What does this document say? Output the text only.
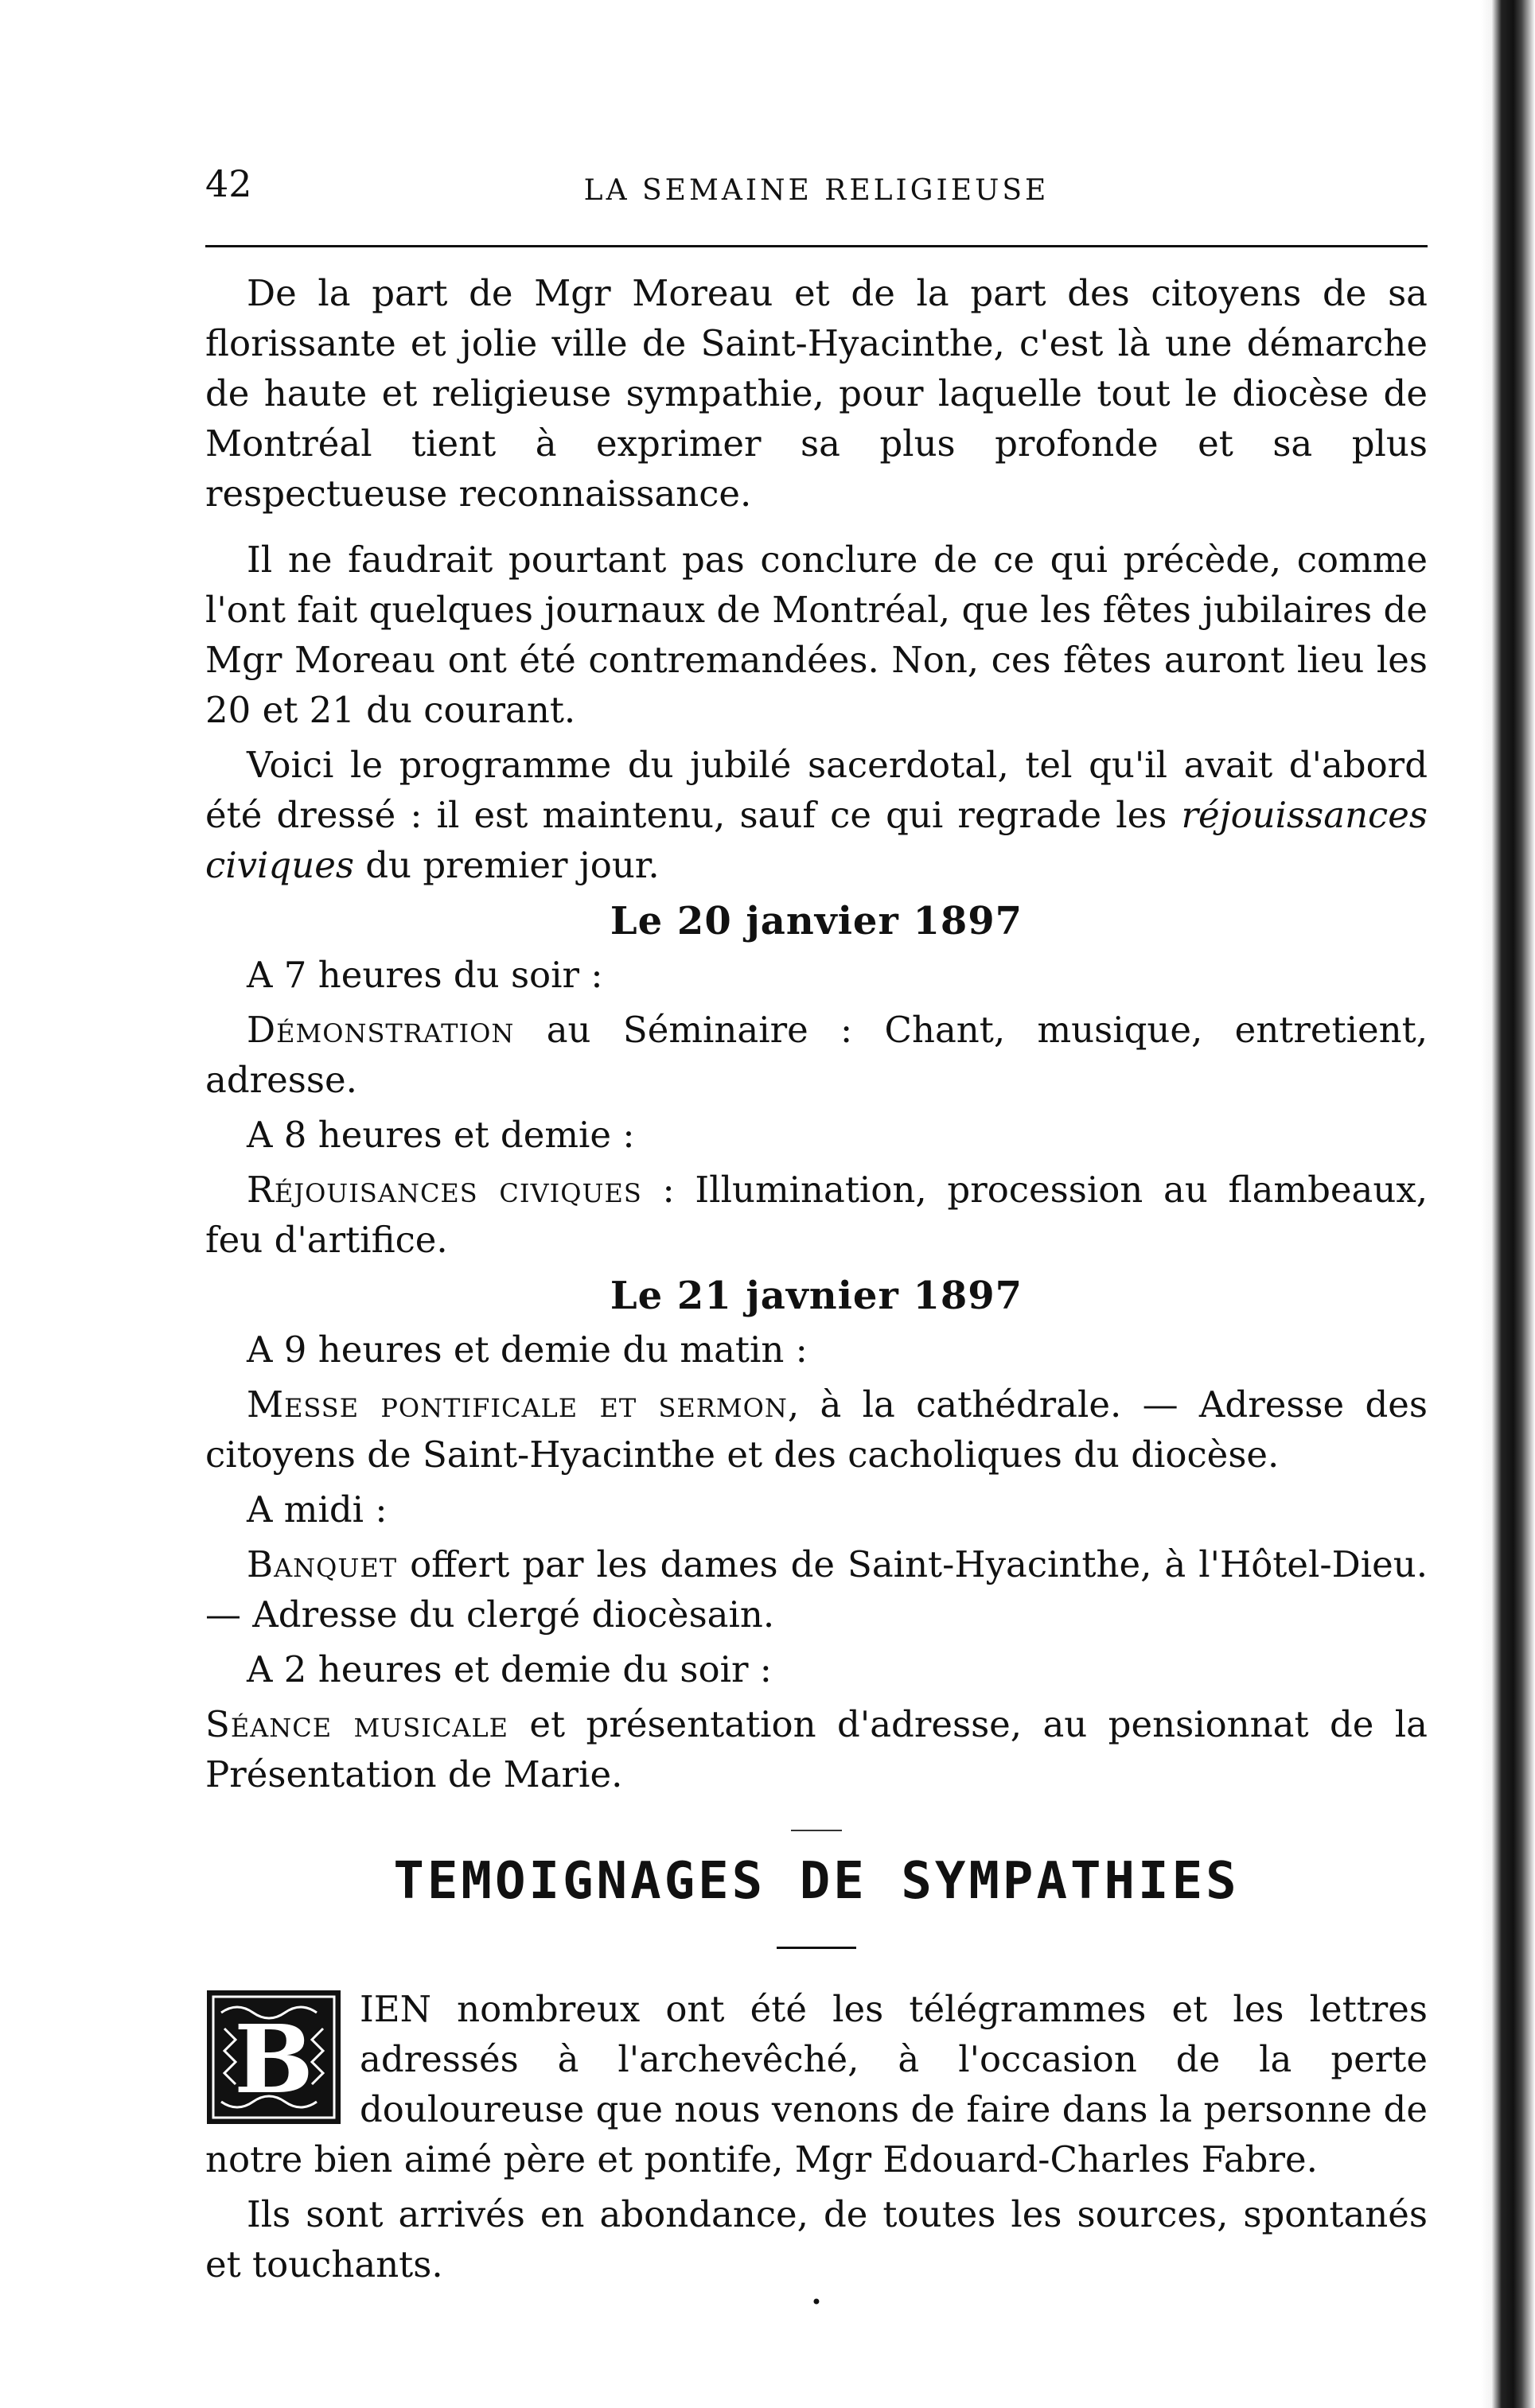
42	LA SEMAINE RELIGIEUSE

De la part de Mgr Moreau et de la part des citoyens de sa florissante et jolie ville de Saint-Hyacinthe, c'est là une démarche de haute et religieuse sympathie, pour laquelle tout le diocèse de Montréal tient à exprimer sa plus profonde et sa plus respectueuse reconnaissance.

Il ne faudrait pourtant pas conclure de ce qui précède, comme l'ont fait quelques journaux de Montréal, que les fêtes jubilaires de Mgr Moreau ont été contremandées. Non, ces fêtes auront lieu les 20 et 21 du courant.

Voici le programme du jubilé sacerdotal, tel qu'il avait d'abord été dressé : il est maintenu, sauf ce qui regrade les réjouissances civiques du premier jour.

Le 20 janvier 1897

A 7 heures du soir :

Démonstration au Séminaire : Chant, musique, entretient, adresse.

A 8 heures et demie :

Réjouisances civiques : Illumination, procession au flambeaux, feu d'artifice.

Le 21 javnier 1897

A 9 heures et demie du matin :

Messe pontificale et sermon, à la cathédrale. — Adresse des citoyens de Saint-Hyacinthe et des cacholiques du diocèse.

A midi :

Banquet offert par les dames de Saint-Hyacinthe, à l'Hôtel-Dieu. — Adresse du clergé diocèsain.

A 2 heures et demie du soir :

Séance musicale et présentation d'adresse, au pensionnat de la Présentation de Marie.

TEMOIGNAGES DE SYMPATHIES
B	IEN nombreux ont été les télégrammes et les lettres adressés à l'archevêché, à l'occasion de la perte douloureuse que nous venons de faire dans la personne de notre bien aimé père et pontife, Mgr Edouard-Charles Fabre.

Ils sont arrivés en abondance, de toutes les sources, spontanés et touchants.

•
